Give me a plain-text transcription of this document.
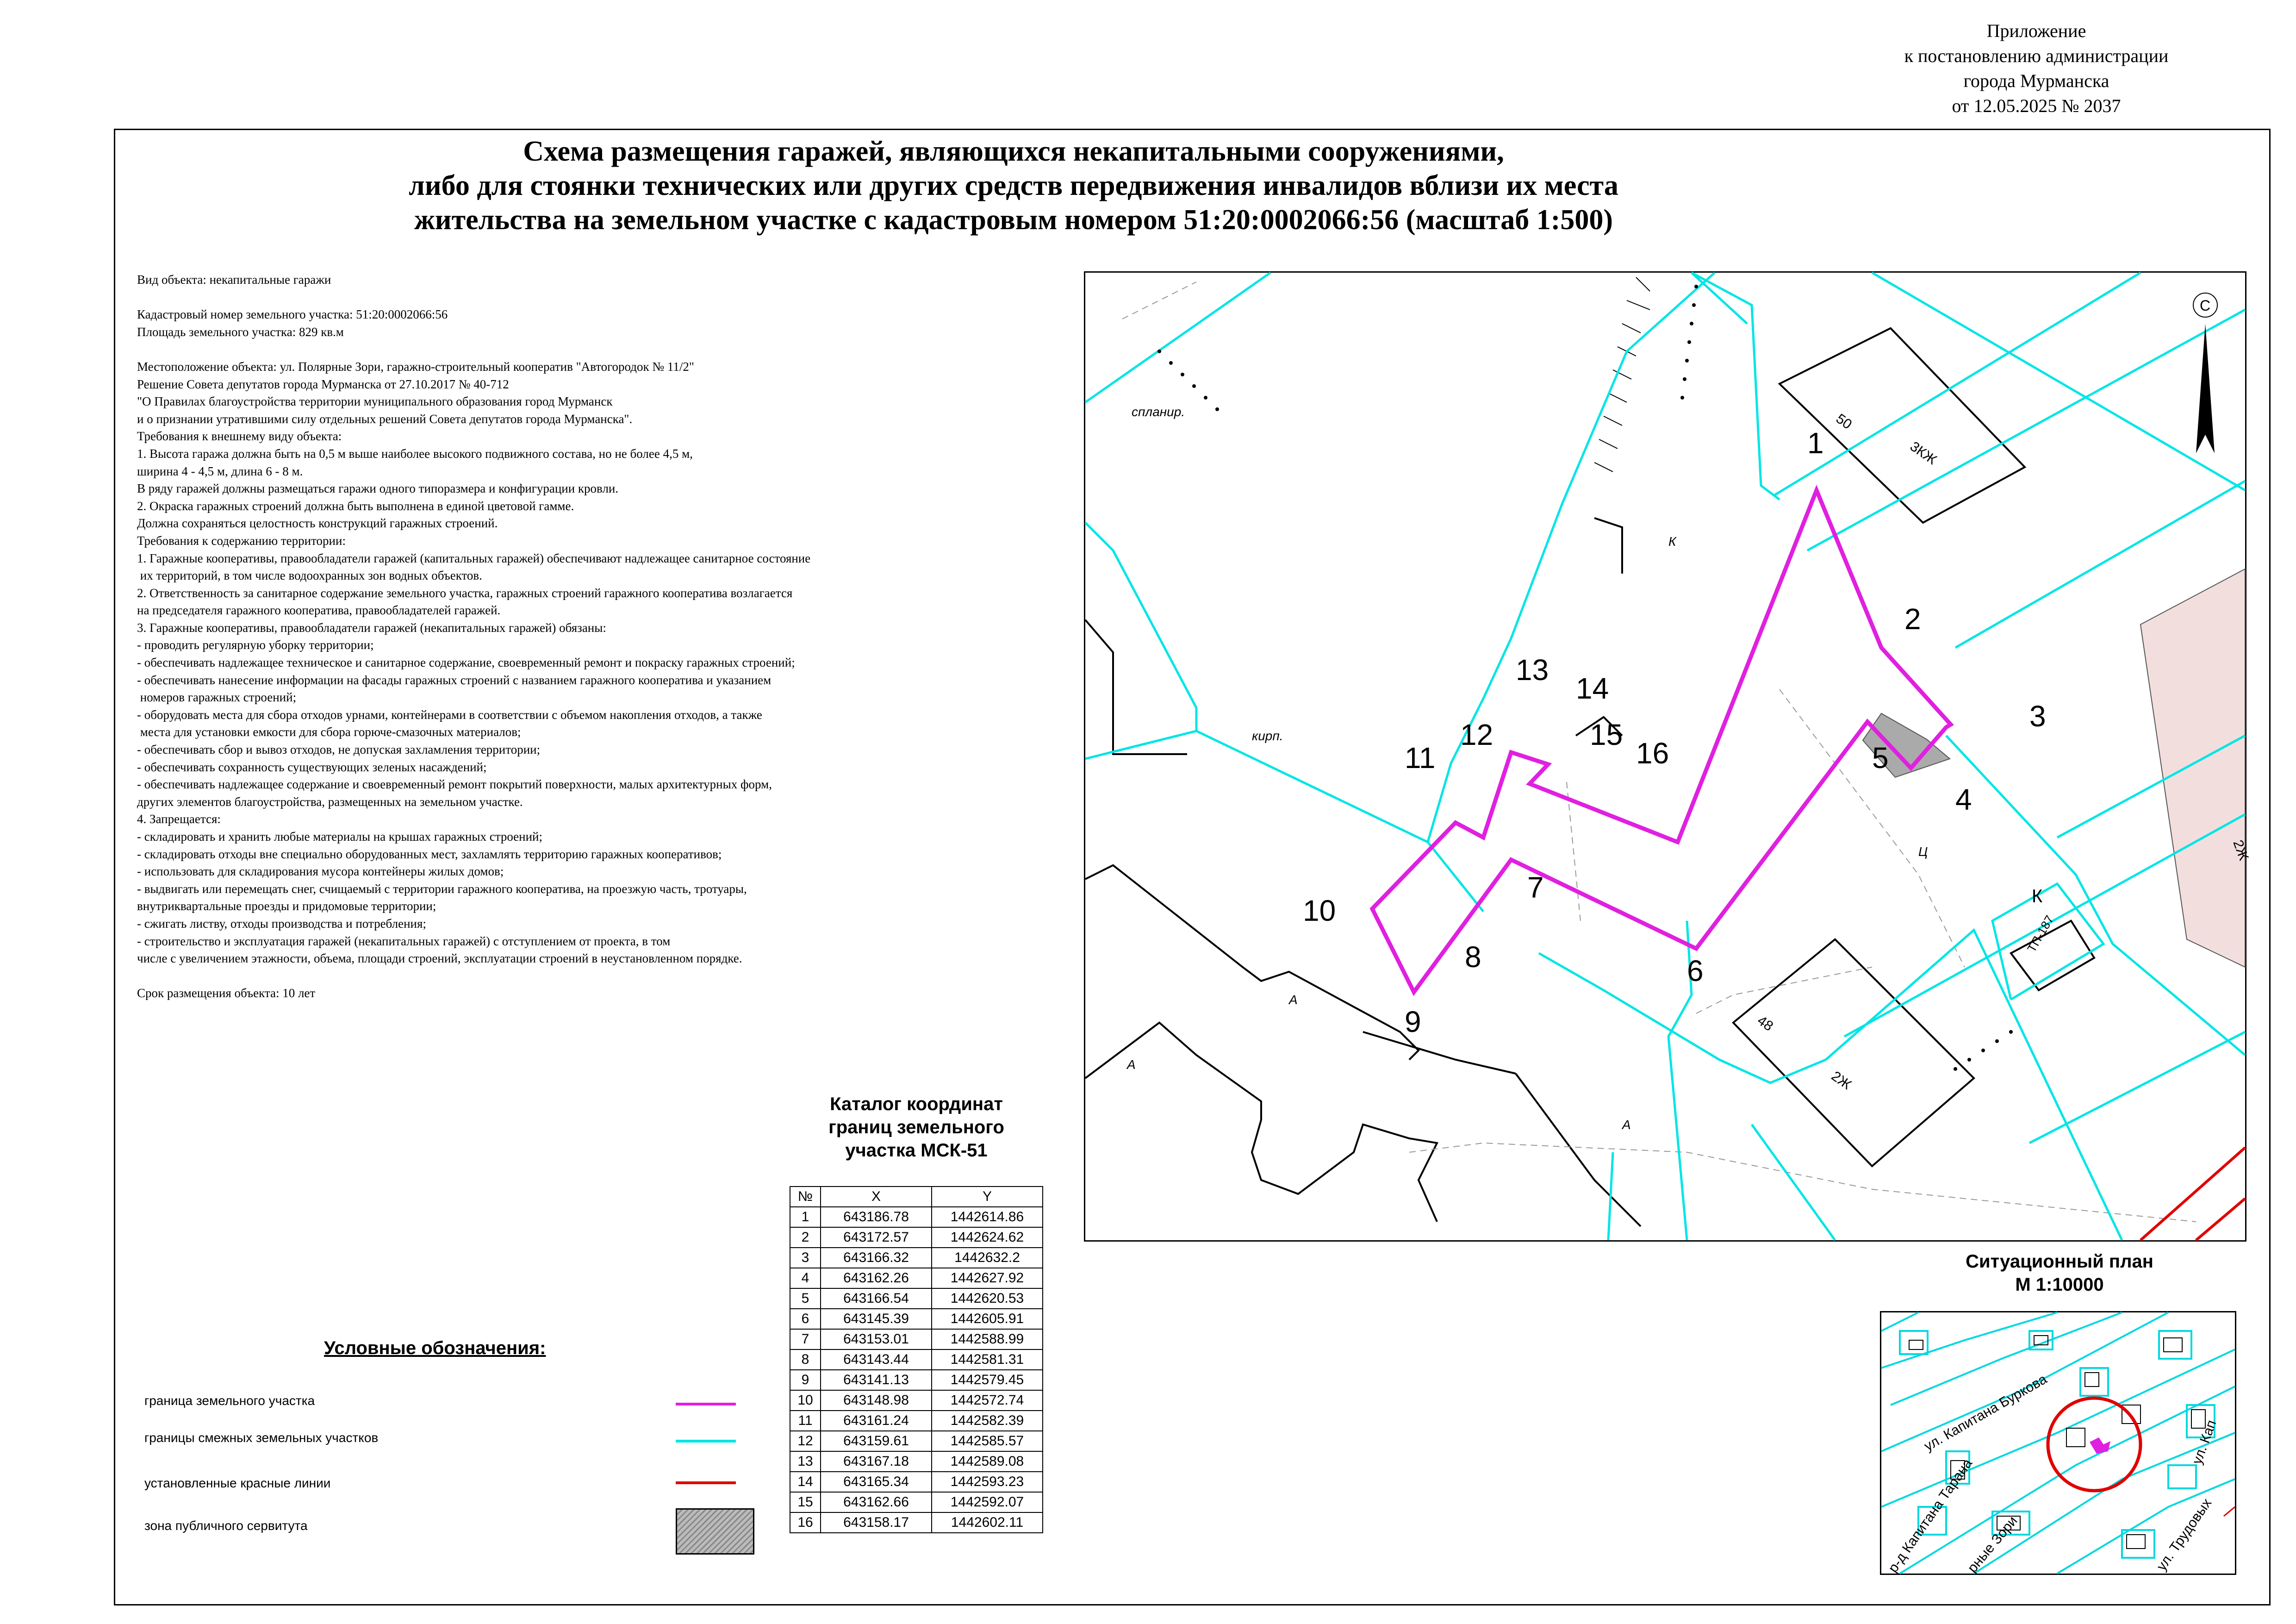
Приложение
к постановлению администрации
города Мурманска
от 12.05.2025 № 2037
Схема размещения гаражей, являющихся некапитальными сооружениями,
либо для стоянки технических или других средств передвижения инвалидов вблизи их места
жительства на земельном участке с кадастровым номером 51:20:0002066:56 (масштаб 1:500)
Вид объекта: некапитальные гаражи

Кадастровый номер земельного участка: 51:20:0002066:56
Площадь земельного участка: 829 кв.м

Местоположение объекта: ул. Полярные Зори, гаражно-строительный кооператив "Автогородок № 11/2"
Решение Совета депутатов города Мурманска от 27.10.2017 № 40-712
"О Правилах благоустройства территории муниципального образования город Мурманск
и о признании утратившими силу отдельных решений Совета депутатов города Мурманска".
Требования к внешнему виду объекта:
1. Высота гаража должна быть на 0,5 м выше наиболее высокого подвижного состава, но не более 4,5 м,
ширина 4 - 4,5 м, длина 6 - 8 м.
В ряду гаражей должны размещаться гаражи одного типоразмера и конфигурации кровли.
2. Окраска гаражных строений должна быть выполнена в единой цветовой гамме.
Должна сохраняться целостность конструкций гаражных строений.
Требования к содержанию территории:
1. Гаражные кооперативы, правообладатели гаражей (капитальных гаражей) обеспечивают надлежащее санитарное состояние
их территорий, в том числе водоохранных зон водных объектов.
2. Ответственность за санитарное содержание земельного участка, гаражных строений гаражного кооператива возлагается
на председателя гаражного кооператива, правообладателей гаражей.
3. Гаражные кооперативы, правообладатели гаражей (некапитальных гаражей) обязаны:
- проводить регулярную уборку территории;
- обеспечивать надлежащее техническое и санитарное содержание, своевременный ремонт и покраску гаражных строений;
- обеспечивать нанесение информации на фасады гаражных строений с названием гаражного кооператива и указанием
номеров гаражных строений;
- оборудовать места для сбора отходов урнами, контейнерами в соответствии с объемом накопления отходов, а также
места для установки емкости для сбора горюче-смазочных материалов;
- обеспечивать сбор и вывоз отходов, не допуская захламления территории;
- обеспечивать сохранность существующих зеленых насаждений;
- обеспечивать надлежащее содержание и своевременный ремонт покрытий поверхности, малых архитектурных форм,
других элементов благоустройства, размещенных на земельном участке.
4. Запрещается:
- складировать и хранить любые материалы на крышах гаражных строений;
- складировать отходы вне специально оборудованных мест, захламлять территорию гаражных кооперативов;
- использовать для складирования мусора контейнеры жилых домов;
- выдвигать или перемещать снег, счищаемый с территории гаражного кооператива, на проезжую часть, тротуары,
внутриквартальные проезды и придомовые территории;
- сжигать листву, отходы производства и потребления;
- строительство и эксплуатация гаражей (некапитальных гаражей) с отступлением от проекта, в том
числе с увеличением этажности, объема, площади строений, эксплуатации строений в неустановленном порядке.

Срок размещения объекта: 10 лет
спланир.
К
кирп.
А
А
А
Ц
3КЖ
50
2Ж
48
К
ТП-187
2Ж
С
1
2
3
4
5
6
7
8
9
10
11
12
13
14
15
16
Каталог координат
границ земельного
участка МСК-51
№	X	Y
1	643186.78	1442614.86
2	643172.57	1442624.62
3	643166.32	1442632.2
4	643162.26	1442627.92
5	643166.54	1442620.53
6	643145.39	1442605.91
7	643153.01	1442588.99
8	643143.44	1442581.31
9	643141.13	1442579.45
10	643148.98	1442572.74
11	643161.24	1442582.39
12	643159.61	1442585.57
13	643167.18	1442589.08
14	643165.34	1442593.23
15	643162.66	1442592.07
16	643158.17	1442602.11
Условные обозначения:
граница земельного участка
границы смежных земельных участков
установленные красные линии
зона публичного сервитута
Ситуационный план
М 1:10000
ул. Капитана Буркова	ул. Кап
р-д Капитана Тарана	ул. Трудовых
рные Зори
